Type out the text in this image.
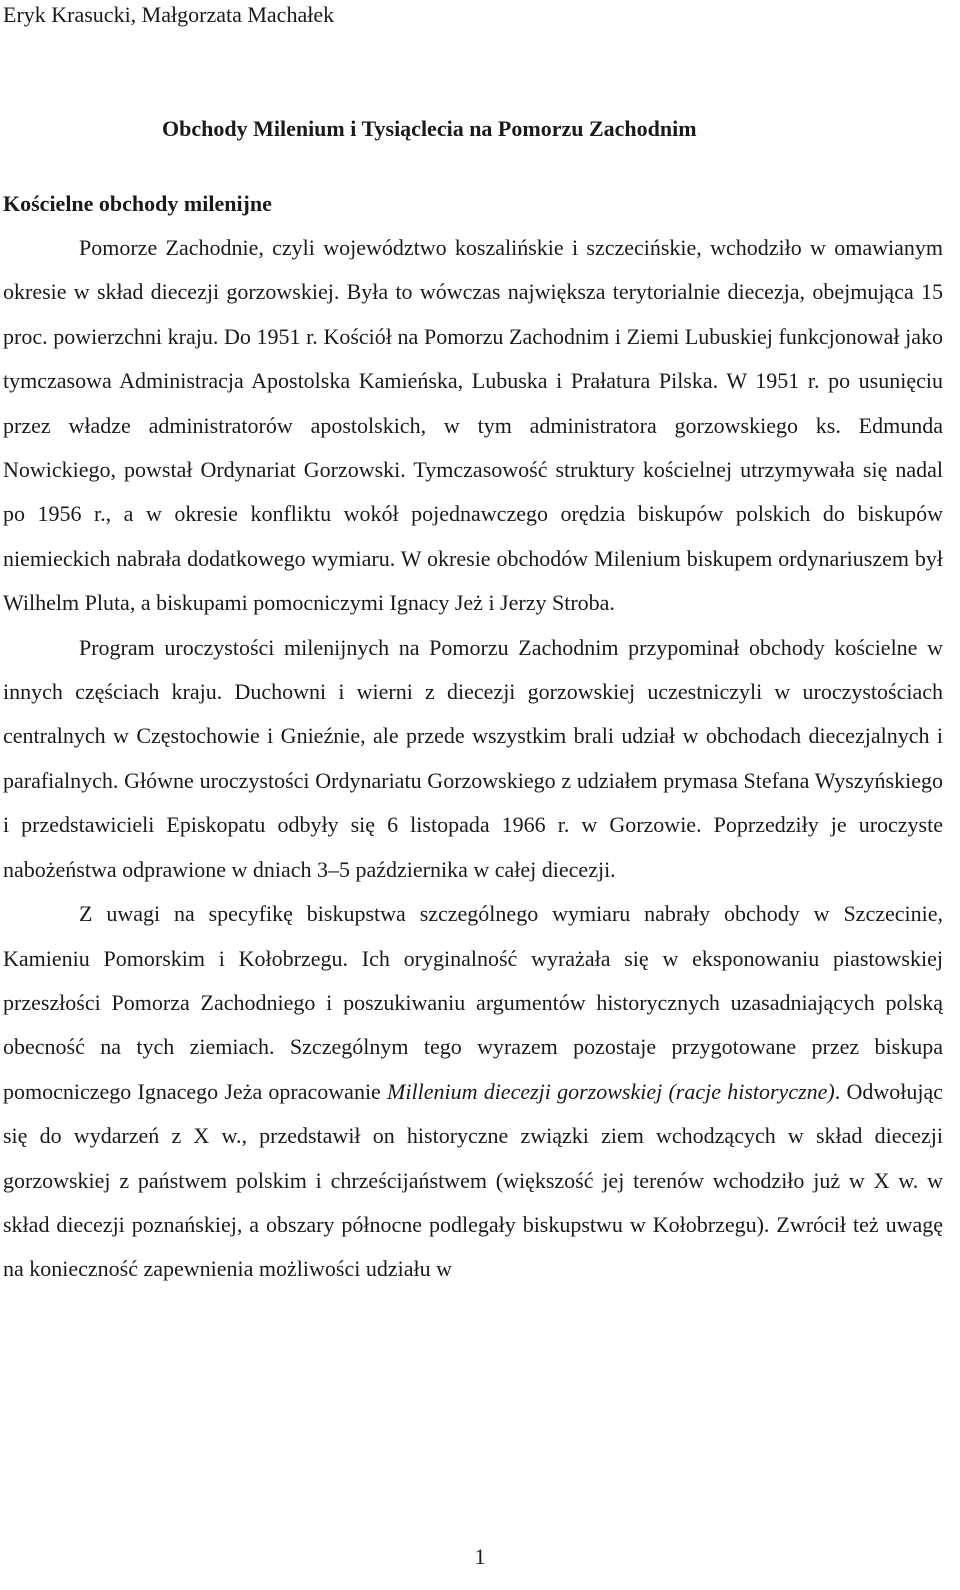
Eryk Krasucki, Małgorzata Machałek
Obchody Milenium i Tysiąclecia na Pomorzu Zachodnim
Kościelne obchody milenijne

Pomorze Zachodnie, czyli województwo koszalińskie i szczecińskie, wchodziło w omawianym okresie w skład diecezji gorzowskiej. Była to wówczas największa terytorialnie diecezja, obejmująca 15 proc. powierzchni kraju. Do 1951 r. Kościół na Pomorzu Zachodnim i Ziemi Lubuskiej funkcjonował jako tymczasowa Administracja Apostolska Kamieńska, Lubuska i Prałatura Pilska. W 1951 r. po usunięciu przez władze administratorów apostolskich, w tym administratora gorzowskiego ks. Edmunda Nowickiego, powstał Ordynariat Gorzowski. Tymczasowość struktury kościelnej utrzymywała się nadal po 1956 r., a w okresie konfliktu wokół pojednawczego orędzia biskupów polskich do biskupów niemieckich nabrała dodatkowego wymiaru. W okresie obchodów Milenium biskupem ordynariuszem był Wilhelm Pluta, a biskupami pomocniczymi Ignacy Jeż i Jerzy Stroba.

Program uroczystości milenijnych na Pomorzu Zachodnim przypominał obchody kościelne w innych częściach kraju. Duchowni i wierni z diecezji gorzowskiej uczestniczyli w uroczystościach centralnych w Częstochowie i Gnieźnie, ale przede wszystkim brali udział w obchodach diecezjalnych i parafialnych. Główne uroczystości Ordynariatu Gorzowskiego z udziałem prymasa Stefana Wyszyńskiego i przedstawicieli Episkopatu odbyły się 6 listopada 1966 r. w Gorzowie. Poprzedziły je uroczyste nabożeństwa odprawione w dniach 3–5 października w całej diecezji.

Z uwagi na specyfikę biskupstwa szczególnego wymiaru nabrały obchody w Szczecinie, Kamieniu Pomorskim i Kołobrzegu. Ich oryginalność wyrażała się w eksponowaniu piastowskiej przeszłości Pomorza Zachodniego i poszukiwaniu argumentów historycznych uzasadniających polską obecność na tych ziemiach. Szczególnym tego wyrazem pozostaje przygotowane przez biskupa pomocniczego Ignacego Jeża opracowanie Millenium diecezji gorzowskiej (racje historyczne). Odwołując się do wydarzeń z X w., przedstawił on historyczne związki ziem wchodzących w skład diecezji gorzowskiej z państwem polskim i chrześcijaństwem (większość jej terenów wchodziło już w X w. w skład diecezji poznańskiej, a obszary północne podlegały biskupstwu w Kołobrzegu). Zwrócił też uwagę na konieczność zapewnienia możliwości udziału w

1
